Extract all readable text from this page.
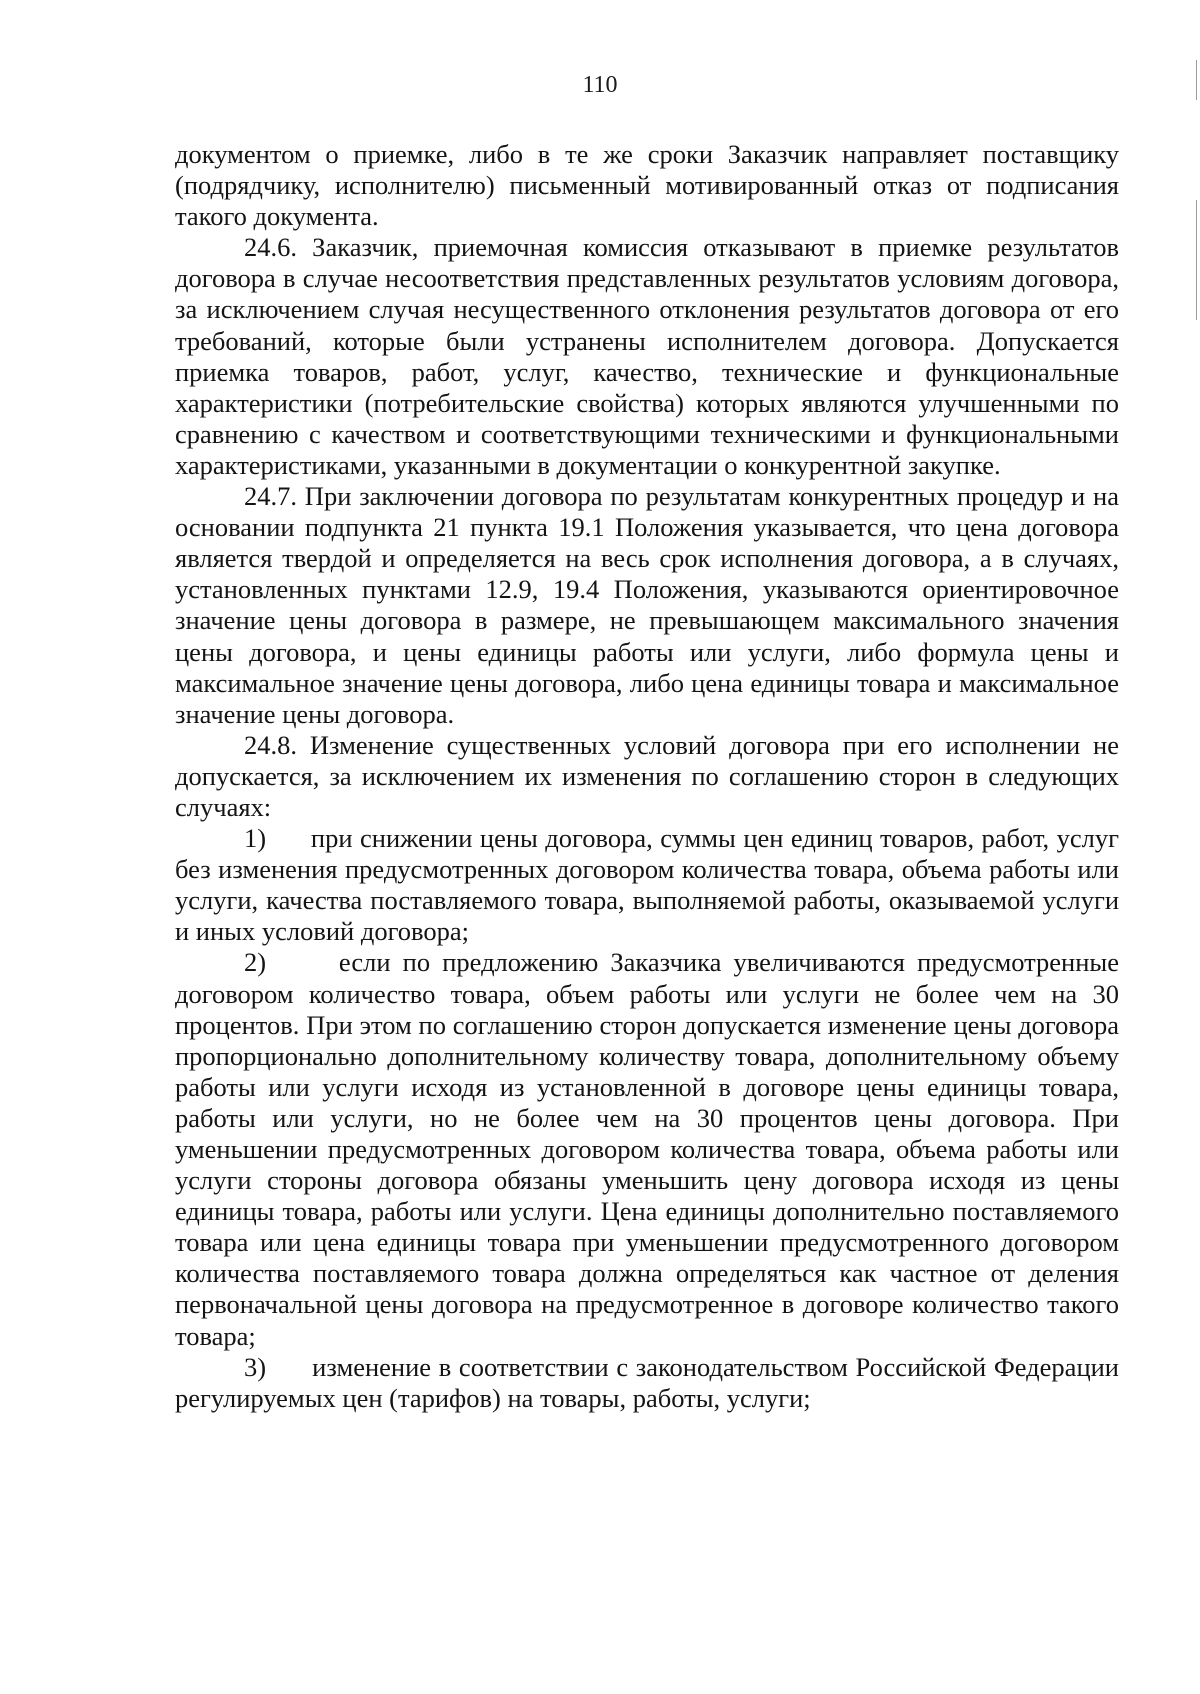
110

документом о приемке, либо в те же сроки Заказчик направляет поставщику (подрядчику, исполнителю) письменный мотивированный отказ от подписания такого документа.

24.6. Заказчик, приемочная комиссия отказывают в приемке результатов договора в случае несоответствия представленных результатов условиям договора, за исключением случая несущественного отклонения результатов договора от его требований, которые были устранены исполнителем договора. Допускается приемка товаров, работ, услуг, качество, технические и функциональные характеристики (потребительские свойства) которых являются улучшенными по сравнению с качеством и соответствующими техническими и функциональными характеристиками, указанными в документации о конкурентной закупке.

24.7. При заключении договора по результатам конкурентных процедур и на основании подпункта 21 пункта 19.1 Положения указывается, что цена договора является твердой и определяется на весь срок исполнения договора, а в случаях, установленных пунктами 12.9, 19.4 Положения, указываются ориентировочное значение цены договора в размере, не превышающем максимального значения цены договора, и цены единицы работы или услуги, либо формула цены и максимальное значение цены договора, либо цена единицы товара и максимальное значение цены договора.

24.8. Изменение существенных условий договора при его исполнении не допускается, за исключением их изменения по соглашению сторон в следующих случаях:

1)      при снижении цены договора, суммы цен единиц товаров, работ, услуг без изменения предусмотренных договором количества товара, объема работы или услуги, качества поставляемого товара, выполняемой работы, оказываемой услуги и иных условий договора;

2)      если по предложению Заказчика увеличиваются предусмотренные договором количество товара, объем работы или услуги не более чем на 30 процентов. При этом по соглашению сторон допускается изменение цены договора пропорционально дополнительному количеству товара, дополнительному объему работы или услуги исходя из установленной в договоре цены единицы товара, работы или услуги, но не более чем на 30 процентов цены договора. При уменьшении предусмотренных договором количества товара, объема работы или услуги стороны договора обязаны уменьшить цену договора исходя из цены единицы товара, работы или услуги. Цена единицы дополнительно поставляемого товара или цена единицы товара при уменьшении предусмотренного договором количества поставляемого товара должна определяться как частное от деления первоначальной цены договора на предусмотренное в договоре количество такого товара;

3)      изменение в соответствии с законодательством Российской Федерации регулируемых цен (тарифов) на товары, работы, услуги;
